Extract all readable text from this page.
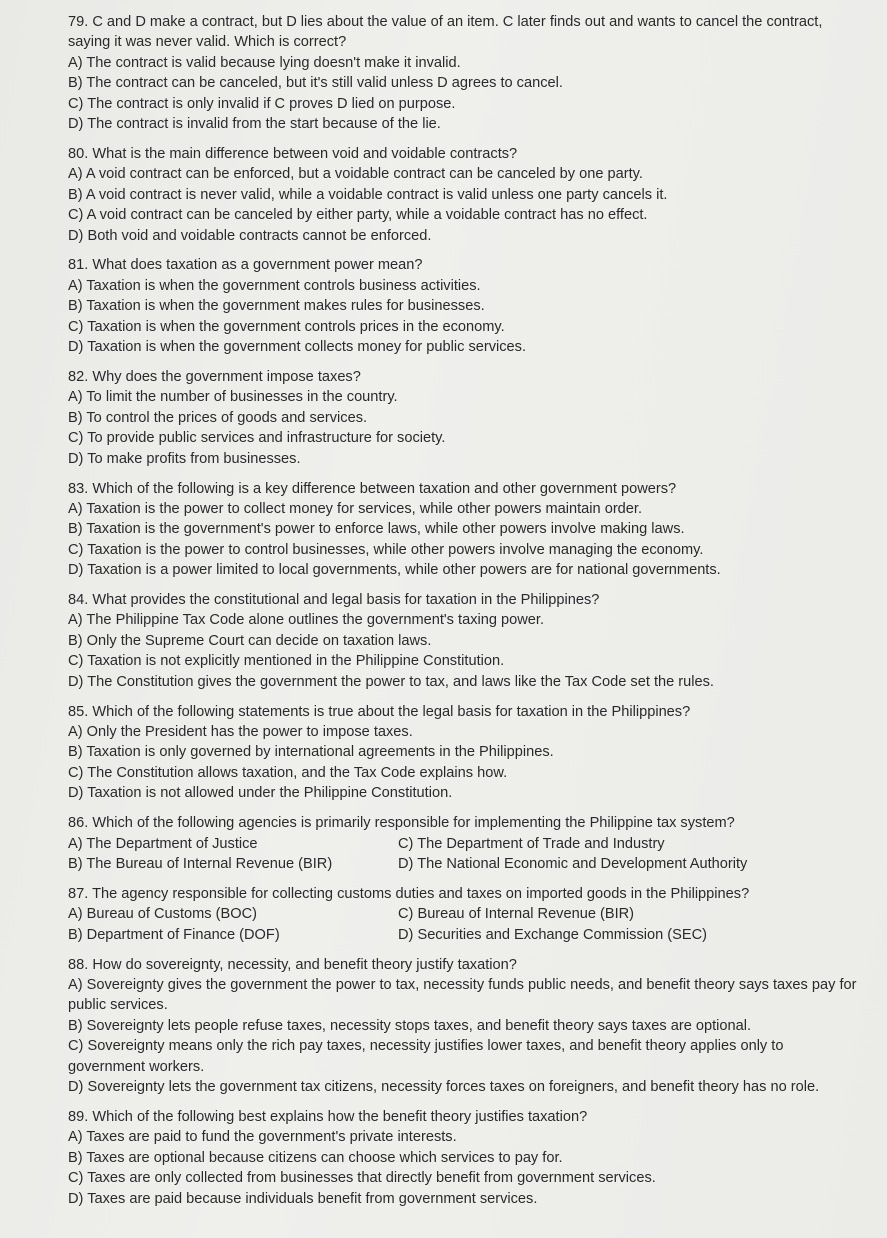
79. C and D make a contract, but D lies about the value of an item. C later finds out and wants to cancel the contract, saying it was never valid. Which is correct?
A) The contract is valid because lying doesn't make it invalid.
B) The contract can be canceled, but it's still valid unless D agrees to cancel.
C) The contract is only invalid if C proves D lied on purpose.
D) The contract is invalid from the start because of the lie.
80. What is the main difference between void and voidable contracts?
A) A void contract can be enforced, but a voidable contract can be canceled by one party.
B) A void contract is never valid, while a voidable contract is valid unless one party cancels it.
C) A void contract can be canceled by either party, while a voidable contract has no effect.
D) Both void and voidable contracts cannot be enforced.
81. What does taxation as a government power mean?
A) Taxation is when the government controls business activities.
B) Taxation is when the government makes rules for businesses.
C) Taxation is when the government controls prices in the economy.
D) Taxation is when the government collects money for public services.
82. Why does the government impose taxes?
A) To limit the number of businesses in the country.
B) To control the prices of goods and services.
C) To provide public services and infrastructure for society.
D) To make profits from businesses.
83. Which of the following is a key difference between taxation and other government powers?
A) Taxation is the power to collect money for services, while other powers maintain order.
B) Taxation is the government's power to enforce laws, while other powers involve making laws.
C) Taxation is the power to control businesses, while other powers involve managing the economy.
D) Taxation is a power limited to local governments, while other powers are for national governments.
84. What provides the constitutional and legal basis for taxation in the Philippines?
A) The Philippine Tax Code alone outlines the government's taxing power.
B) Only the Supreme Court can decide on taxation laws.
C) Taxation is not explicitly mentioned in the Philippine Constitution.
D) The Constitution gives the government the power to tax, and laws like the Tax Code set the rules.
85. Which of the following statements is true about the legal basis for taxation in the Philippines?
A) Only the President has the power to impose taxes.
B) Taxation is only governed by international agreements in the Philippines.
C) The Constitution allows taxation, and the Tax Code explains how.
D) Taxation is not allowed under the Philippine Constitution.
86. Which of the following agencies is primarily responsible for implementing the Philippine tax system?
A) The Department of Justice	C) The Department of Trade and Industry
B) The Bureau of Internal Revenue (BIR)	D) The National Economic and Development Authority
87. The agency responsible for collecting customs duties and taxes on imported goods in the Philippines?
A) Bureau of Customs (BOC)	C) Bureau of Internal Revenue (BIR)
B) Department of Finance (DOF)	D) Securities and Exchange Commission (SEC)
88. How do sovereignty, necessity, and benefit theory justify taxation?
A) Sovereignty gives the government the power to tax, necessity funds public needs, and benefit theory says taxes pay for public services.
B) Sovereignty lets people refuse taxes, necessity stops taxes, and benefit theory says taxes are optional.
C) Sovereignty means only the rich pay taxes, necessity justifies lower taxes, and benefit theory applies only to government workers.
D) Sovereignty lets the government tax citizens, necessity forces taxes on foreigners, and benefit theory has no role.
89. Which of the following best explains how the benefit theory justifies taxation?
A) Taxes are paid to fund the government's private interests.
B) Taxes are optional because citizens can choose which services to pay for.
C) Taxes are only collected from businesses that directly benefit from government services.
D) Taxes are paid because individuals benefit from government services.
